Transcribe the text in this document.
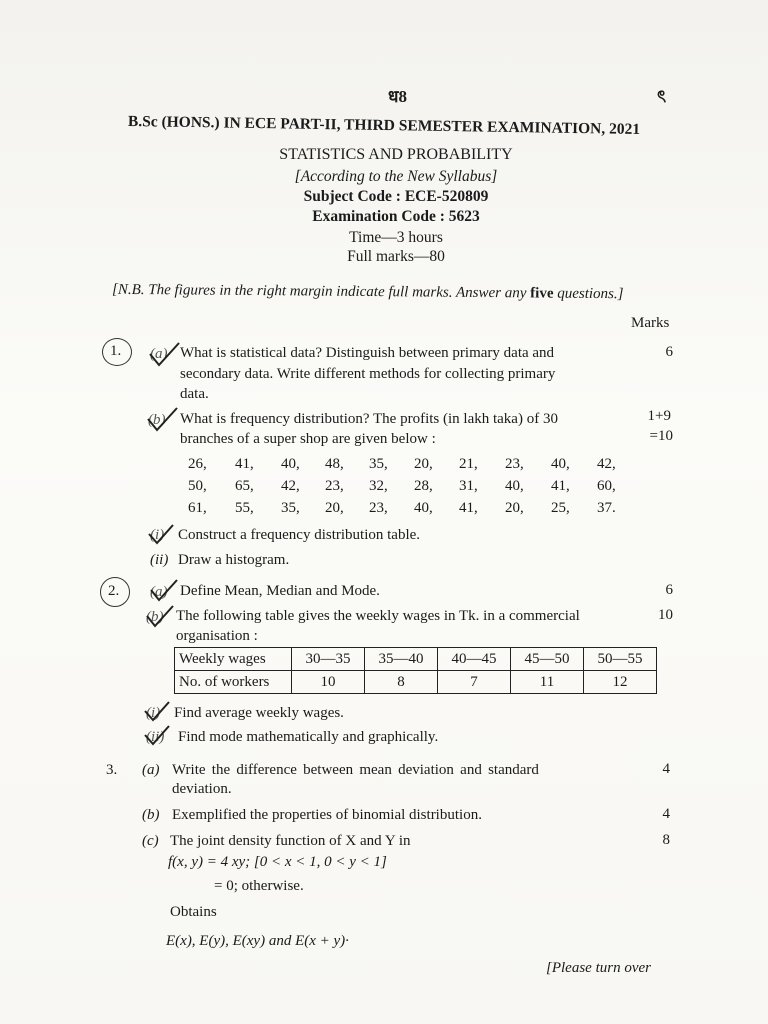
ध8	ৎ
B.Sc (HONS.) IN ECE PART-II, THIRD SEMESTER EXAMINATION, 2021
STATISTICS AND PROBABILITY
[According to the New Syllabus]
Subject Code : ECE-520809
Examination Code : 5623
Time—3 hours
Full marks—80
[N.B. The figures in the right margin indicate full marks. Answer any five questions.]
Marks
1. (a) What is statistical data? Distinguish between primary data and
secondary data. Write different methods for collecting primary
data.
6
(b) What is frequency distribution? The profits (in lakh taka) of 30
branches of a super shop are given below :
1+9
=10
26, 41, 40, 48, 35, 20, 21, 23, 40, 42,
50, 65, 42, 23, 32, 28, 31, 40, 41, 60,
61, 55, 35, 20, 23, 40, 41, 20, 25, 37.
(i) Construct a frequency distribution table.
(ii) Draw a histogram.
2. (a) Define Mean, Median and Mode.	6
(b) The following table gives the weekly wages in Tk. in a commercial
organisation :
10
Weekly wages	30—35	35—40	40—45	45—50	50—55
No. of workers	10	8	7	11	12
(i) Find average weekly wages.
(ii) Find mode mathematically and graphically.
3. (a) Write the difference between mean deviation and standard
deviation.
4
(b) Exemplified the properties of binomial distribution.	4
(c) The joint density function of X and Y in	8
f(x, y) = 4 xy; [0 < x < 1, 0 < y < 1]
= 0; otherwise.
Obtains
E(x), E(y), E(xy) and E(x + y)·
[Please turn over
